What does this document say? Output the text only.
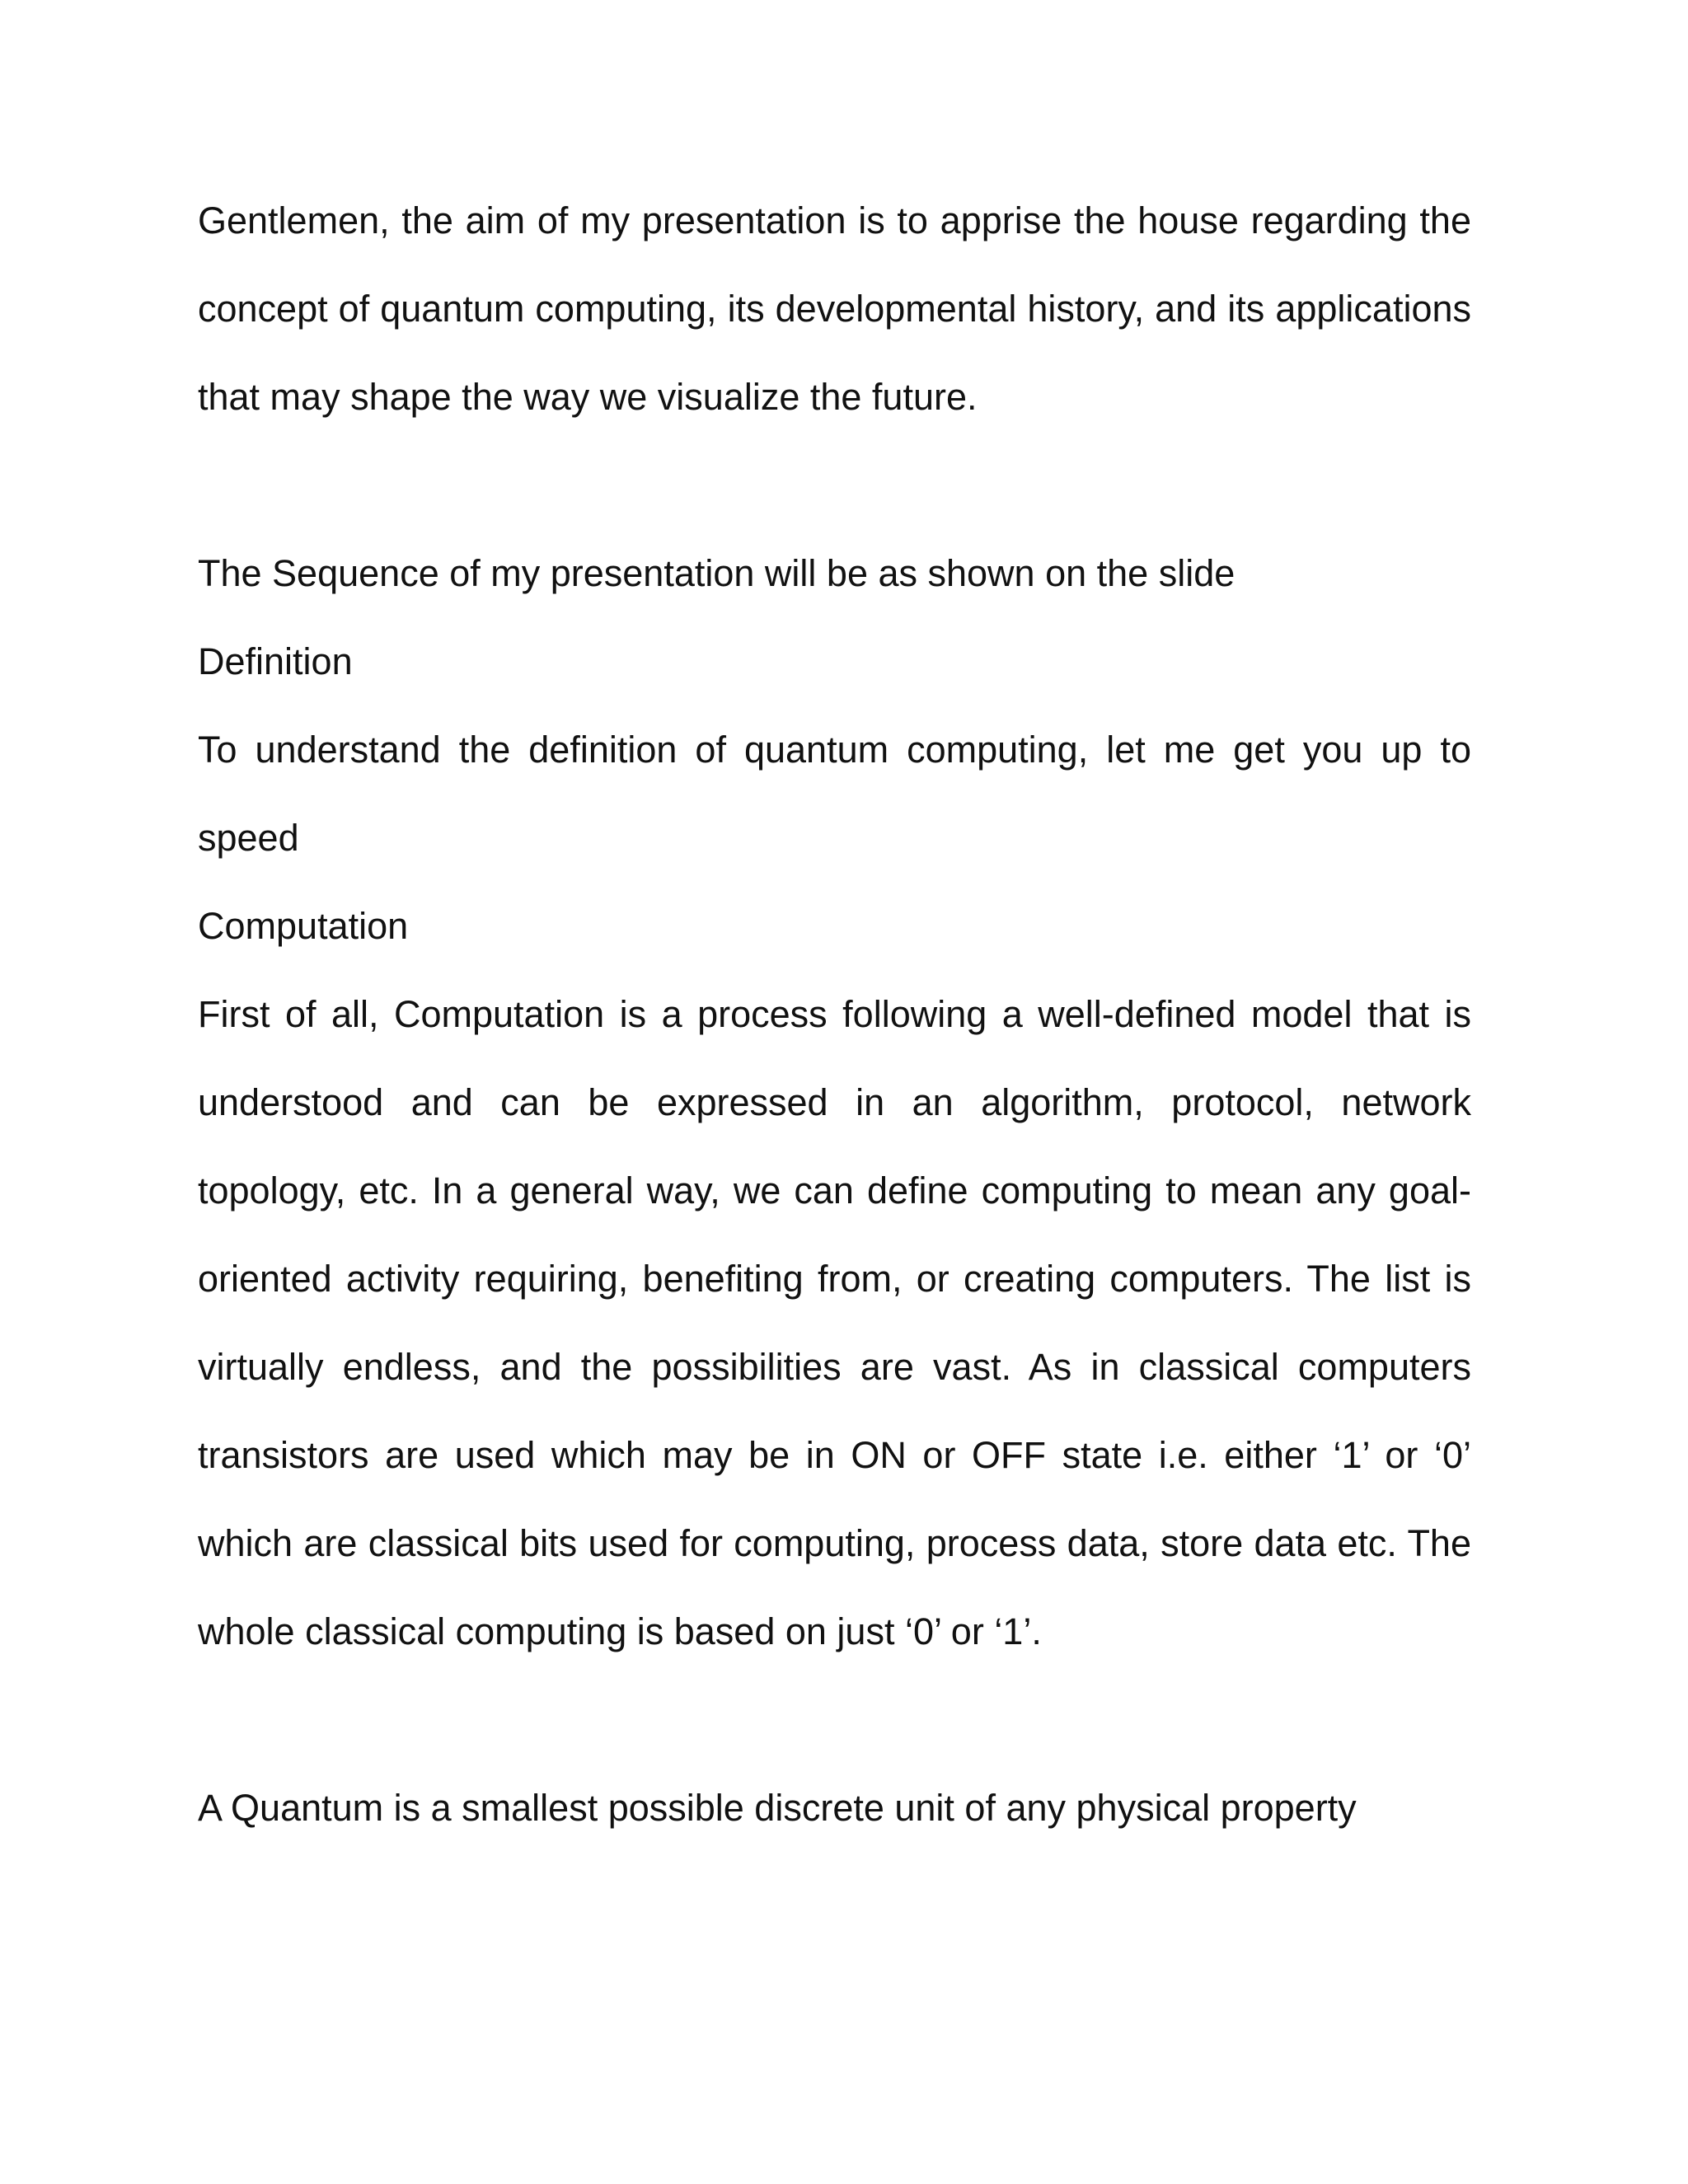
Gentlemen, the aim of my presentation is to apprise the house regarding the concept of quantum computing, its developmental history, and its applications that may shape the way we visualize the future.

The Sequence of my presentation will be as shown on the slide

Definition

To understand the definition of quantum computing, let me get you up to speed

Computation

First of all, Computation is a process following a well-defined model that is understood and can be expressed in an algorithm, protocol, network topology, etc. In a general way, we can define computing to mean any goal-oriented activity requiring, benefiting from, or creating computers. The list is virtually endless, and the possibilities are vast. As in classical computers transistors are used which may be in ON or OFF state i.e. either ‘1’ or ‘0’ which are classical bits used for computing, process data, store data etc. The whole classical computing is based on just ‘0’ or ‘1’.

A Quantum is a smallest possible discrete unit of any physical property
